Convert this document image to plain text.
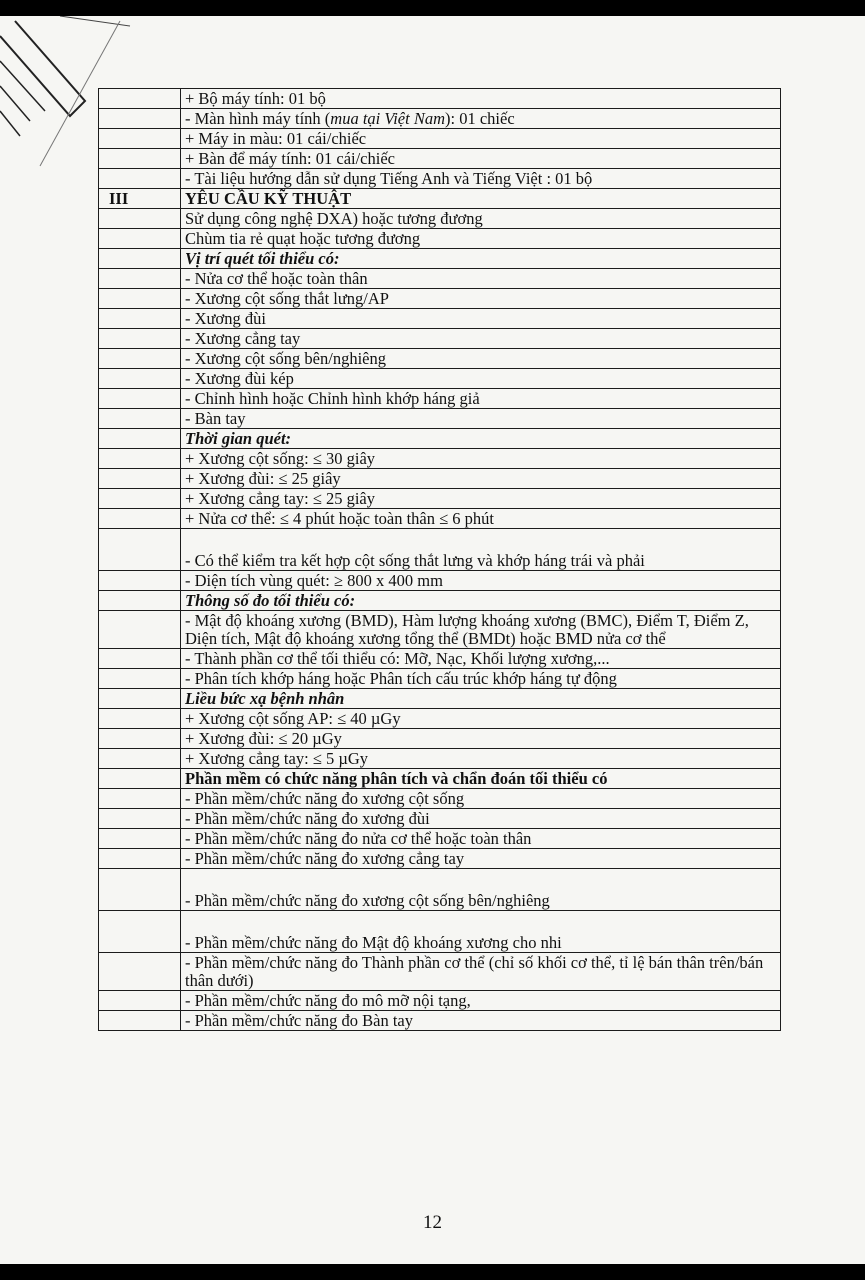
	+ Bộ máy tính: 01 bộ
	- Màn hình máy tính (mua tại Việt Nam): 01 chiếc
	+ Máy in màu: 01 cái/chiếc
	+ Bàn để máy tính: 01 cái/chiếc
	- Tài liệu hướng dẫn sử dụng Tiếng Anh và Tiếng Việt : 01 bộ
III	YÊU CẦU KỸ THUẬT
	Sử dụng công nghệ DXA) hoặc tương đương
	Chùm tia rẻ quạt hoặc tương đương
	Vị trí quét tối thiểu có:
	- Nửa cơ thể hoặc toàn thân
	- Xương cột sống thắt lưng/AP
	- Xương đùi
	- Xương cẳng tay
	- Xương cột sống bên/nghiêng
	- Xương đùi kép
	- Chỉnh hình hoặc Chỉnh hình khớp háng giả
	- Bàn tay
	Thời gian quét:
	+ Xương cột sống: ≤ 30 giây
	+ Xương đùi: ≤ 25 giây
	+ Xương cẳng tay: ≤ 25 giây
	+ Nửa cơ thể: ≤ 4 phút hoặc toàn thân ≤ 6 phút
	- Có thể kiểm tra kết hợp cột sống thắt lưng và khớp háng trái và phải
	- Diện tích vùng quét: ≥ 800 x 400 mm
	Thông số đo tối thiểu có:
	- Mật độ khoáng xương (BMD), Hàm lượng khoáng xương (BMC), Điểm T, Điểm Z, Diện tích, Mật độ khoáng xương tổng thể (BMDt) hoặc BMD nửa cơ thể
	- Thành phần cơ thể tối thiểu có: Mỡ, Nạc, Khối lượng xương,...
	- Phân tích khớp háng hoặc Phân tích cấu trúc khớp háng tự động
	Liều bức xạ bệnh nhân
	+ Xương cột sống AP: ≤ 40 µGy
	+ Xương đùi: ≤ 20 µGy
	+ Xương cẳng tay: ≤ 5 µGy
	Phần mềm có chức năng phân tích và chẩn đoán tối thiểu có
	- Phần mềm/chức năng đo xương cột sống
	- Phần mềm/chức năng đo xương đùi
	- Phần mềm/chức năng đo nửa cơ thể hoặc toàn thân
	- Phần mềm/chức năng đo xương cẳng tay
	- Phần mềm/chức năng đo xương cột sống bên/nghiêng
	- Phần mềm/chức năng đo Mật độ khoáng xương cho nhi
	- Phần mềm/chức năng đo Thành phần cơ thể (chỉ số khối cơ thể, tỉ lệ bán thân trên/bán thân dưới)
	- Phần mềm/chức năng đo mô mỡ nội tạng,
	- Phần mềm/chức năng đo Bàn tay
12
